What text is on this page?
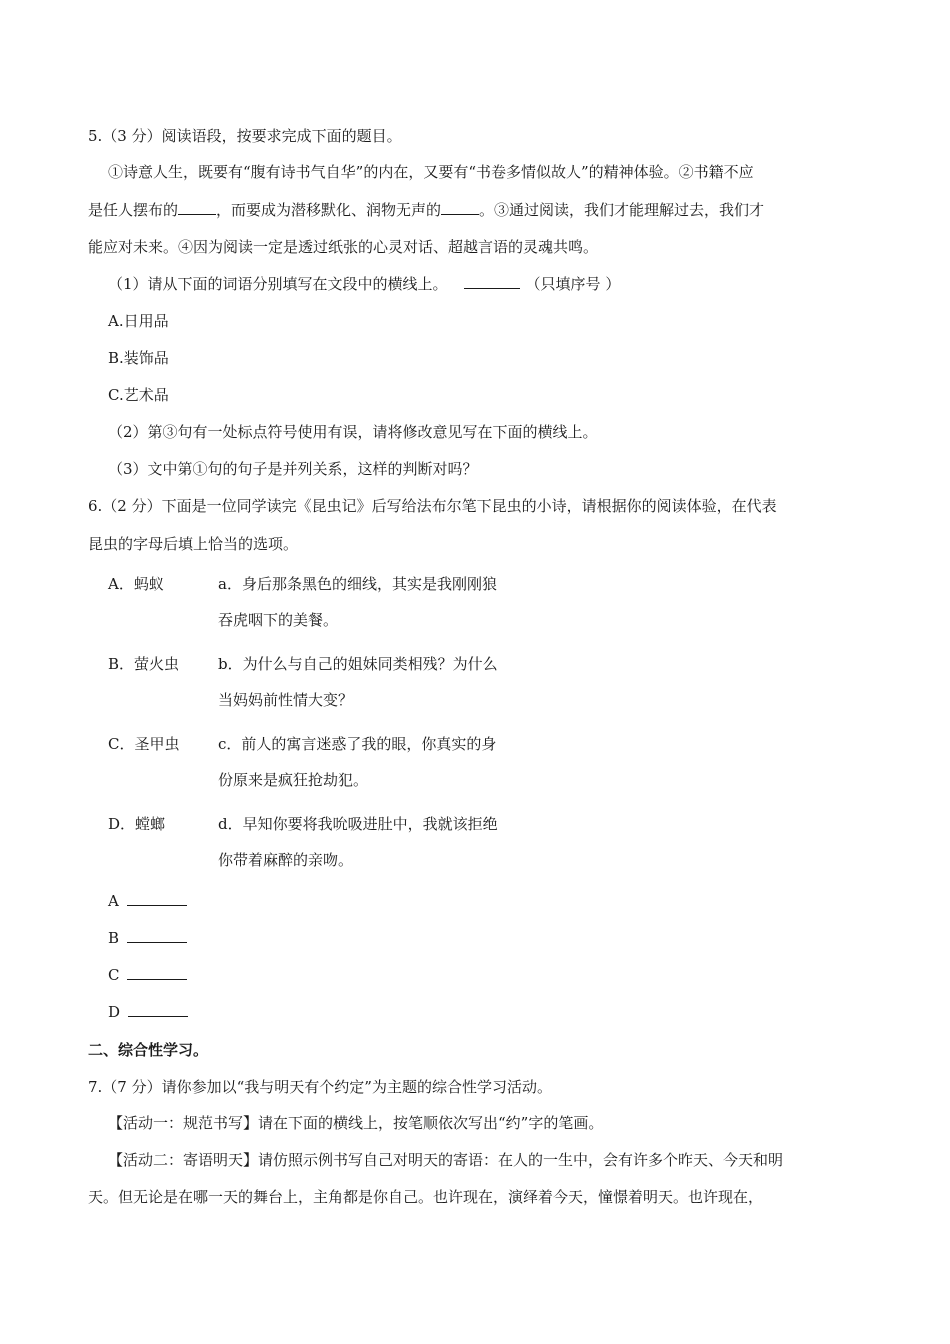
5.（3 分）阅读语段，按要求完成下面的题目。
①诗意人生，既要有“腹有诗书气自华”的内在，又要有“书卷多情似故人”的精神体验。②书籍不应
是任人摆布的	，而要成为潜移默化、润物无声的	。③通过阅读，我们才能理解过去，我们才
能应对未来。④因为阅读一定是透过纸张的心灵对话、超越言语的灵魂共鸣。
（1）请从下面的词语分别填写在文段中的横线上。	（只填序号 ）
A.日用品
B.装饰品
C.艺术品
（2）第③句有一处标点符号使用有误，请将修改意见写在下面的横线上。
（3）文中第①句的句子是并列关系，这样的判断对吗？
6.（2 分）下面是一位同学读完《昆虫记》后写给法布尔笔下昆虫的小诗，请根据你的阅读体验，在代表
昆虫的字母后填上恰当的选项。
A．蚂蚁	a．身后那条黑色的细线，其实是我刚刚狼
吞虎咽下的美餐。
B．萤火虫	b．为什么与自己的姐妹同类相残？为什么
当妈妈前性情大变？
C．圣甲虫	c．前人的寓言迷惑了我的眼，你真实的身
份原来是疯狂抢劫犯。
D．螳螂	d．早知你要将我吮吸进肚中，我就该拒绝
你带着麻醉的亲吻。
A
B
C
D
二、综合性学习。
7.（7 分）请你参加以“我与明天有个约定”为主题的综合性学习活动。
【活动一：规范书写】请在下面的横线上，按笔顺依次写出“约”字的笔画。
【活动二：寄语明天】请仿照示例书写自己对明天的寄语：在人的一生中，会有许多个昨天、今天和明
天。但无论是在哪一天的舞台上，主角都是你自己。也许现在，演绎着今天，憧憬着明天。也许现在，
